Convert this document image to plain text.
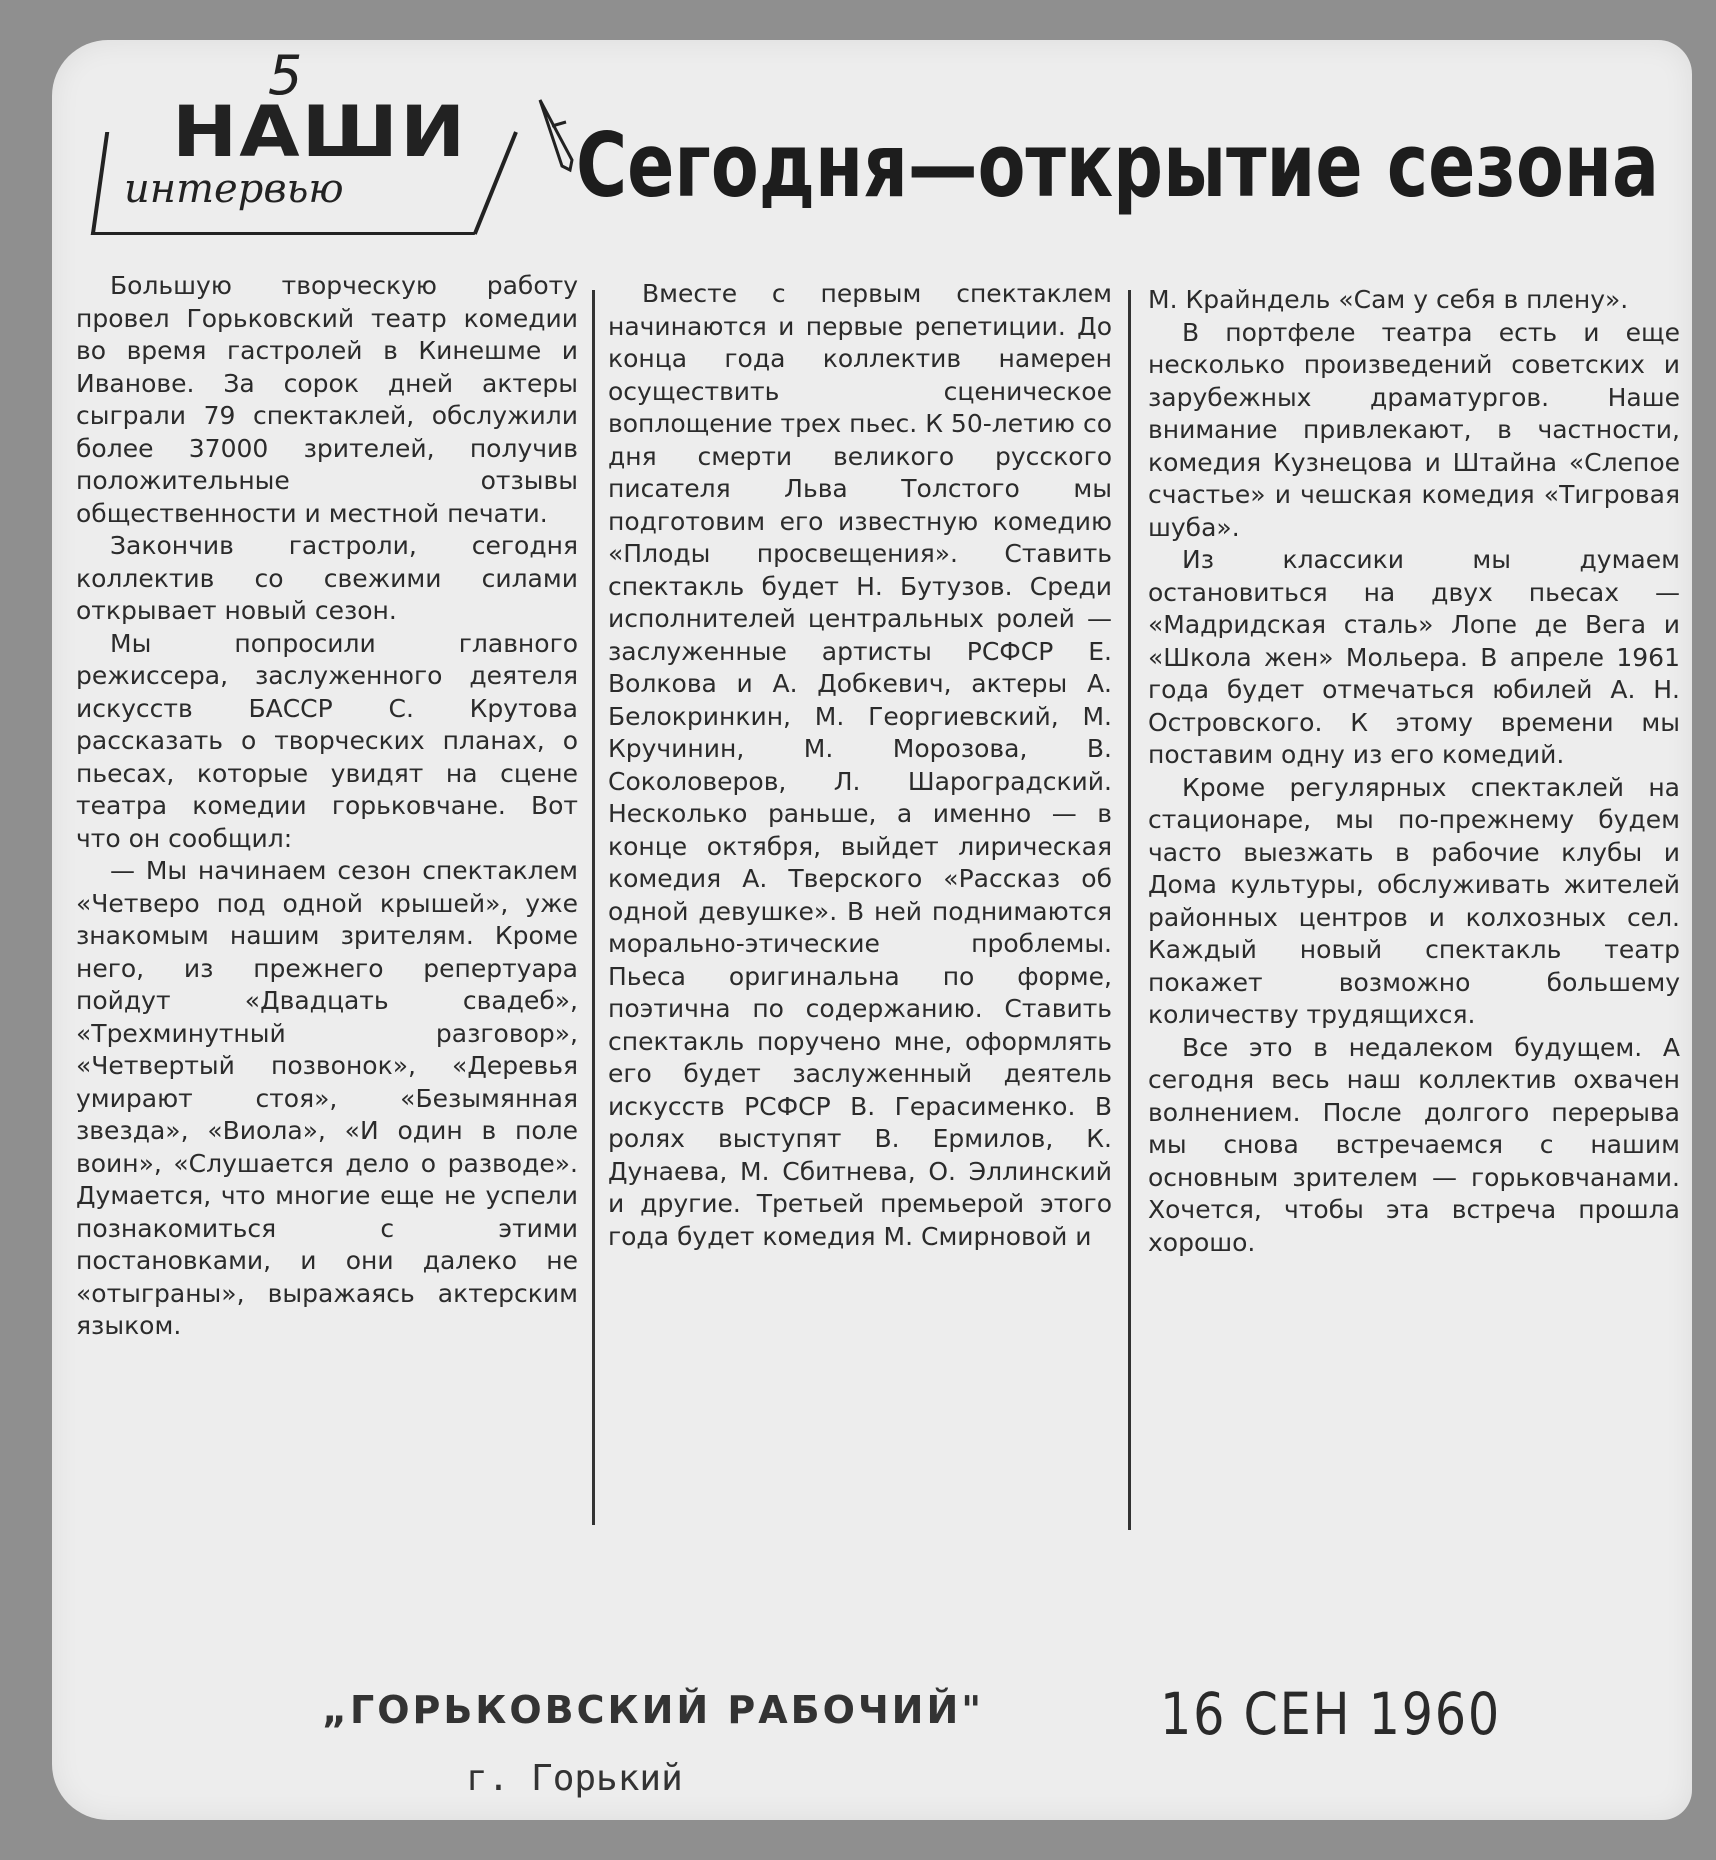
5
НАШИ
интервью	Сегодня—открытие сезона

Большую творческую работу провел Горьковский театр комедии во время гастролей в Кинешме и Иванове. За сорок дней актеры сыграли 79 спектаклей, обслужили более 37000 зрителей, получив положительные отзывы общественности и местной печати.

Закончив гастроли, сегодня коллектив со свежими силами открывает новый сезон.

Мы попросили главного режиссера, заслуженного деятеля искусств БАССР С. Крутова рассказать о творческих планах, о пьесах, которые увидят на сцене театра комедии горьковчане. Вот что он сообщил:

— Мы начинаем сезон спектаклем «Четверо под одной крышей», уже знакомым нашим зрителям. Кроме него, из прежнего репертуара пойдут «Двадцать свадеб», «Трехминутный разговор», «Четвертый позвонок», «Деревья умирают стоя», «Безымянная звезда», «Виола», «И один в поле воин», «Слушается дело о разводе». Думается, что многие еще не успели познакомиться с этими постановками, и они далеко не «отыграны», выражаясь актерским языком.

Вместе с первым спектаклем начинаются и первые репетиции. До конца года коллектив намерен осуществить сценическое воплощение трех пьес. К 50-летию со дня смерти великого русского писателя Льва Толстого мы подготовим его известную комедию «Плоды просвещения». Ставить спектакль будет Н. Бутузов. Среди исполнителей центральных ролей — заслуженные артисты РСФСР Е. Волкова и А. Добкевич, актеры А. Белокринкин, М. Георгиевский, М. Кручинин, М. Морозова, В. Соколоверов, Л. Шароградский. Несколько раньше, а именно — в конце октября, выйдет лирическая комедия А. Тверского «Рассказ об одной девушке». В ней поднимаются морально-этические проблемы. Пьеса оригинальна по форме, поэтична по содержанию. Ставить спектакль поручено мне, оформлять его будет заслуженный деятель искусств РСФСР В. Герасименко. В ролях выступят В. Ермилов, К. Дунаева, М. Сбитнева, О. Эллинский и другие. Третьей премьерой этого года будет комедия М. Смирновой и

М. Крайндель «Сам у себя в плену».

В портфеле театра есть и еще несколько произведений советских и зарубежных драматургов. Наше внимание привлекают, в частности, комедия Кузнецова и Штайна «Слепое счастье» и чешская комедия «Тигровая шуба».

Из классики мы думаем остановиться на двух пьесах — «Мадридская сталь» Лопе де Вега и «Школа жен» Мольера. В апреле 1961 года будет отмечаться юбилей А. Н. Островского. К этому времени мы поставим одну из его комедий.

Кроме регулярных спектаклей на стационаре, мы по-прежнему будем часто выезжать в рабочие клубы и Дома культуры, обслуживать жителей районных центров и колхозных сел. Каждый новый спектакль театр покажет возможно большему количеству трудящихся.

Все это в недалеком будущем. А сегодня весь наш коллектив охвачен волнением. После долгого перерыва мы снова встречаемся с нашим основным зрителем — горьковчанами. Хочется, чтобы эта встреча прошла хорошо.

„ГОРЬКОВСКИЙ РАБОЧИЙ"
г. Горький
16 СЕН 1960
